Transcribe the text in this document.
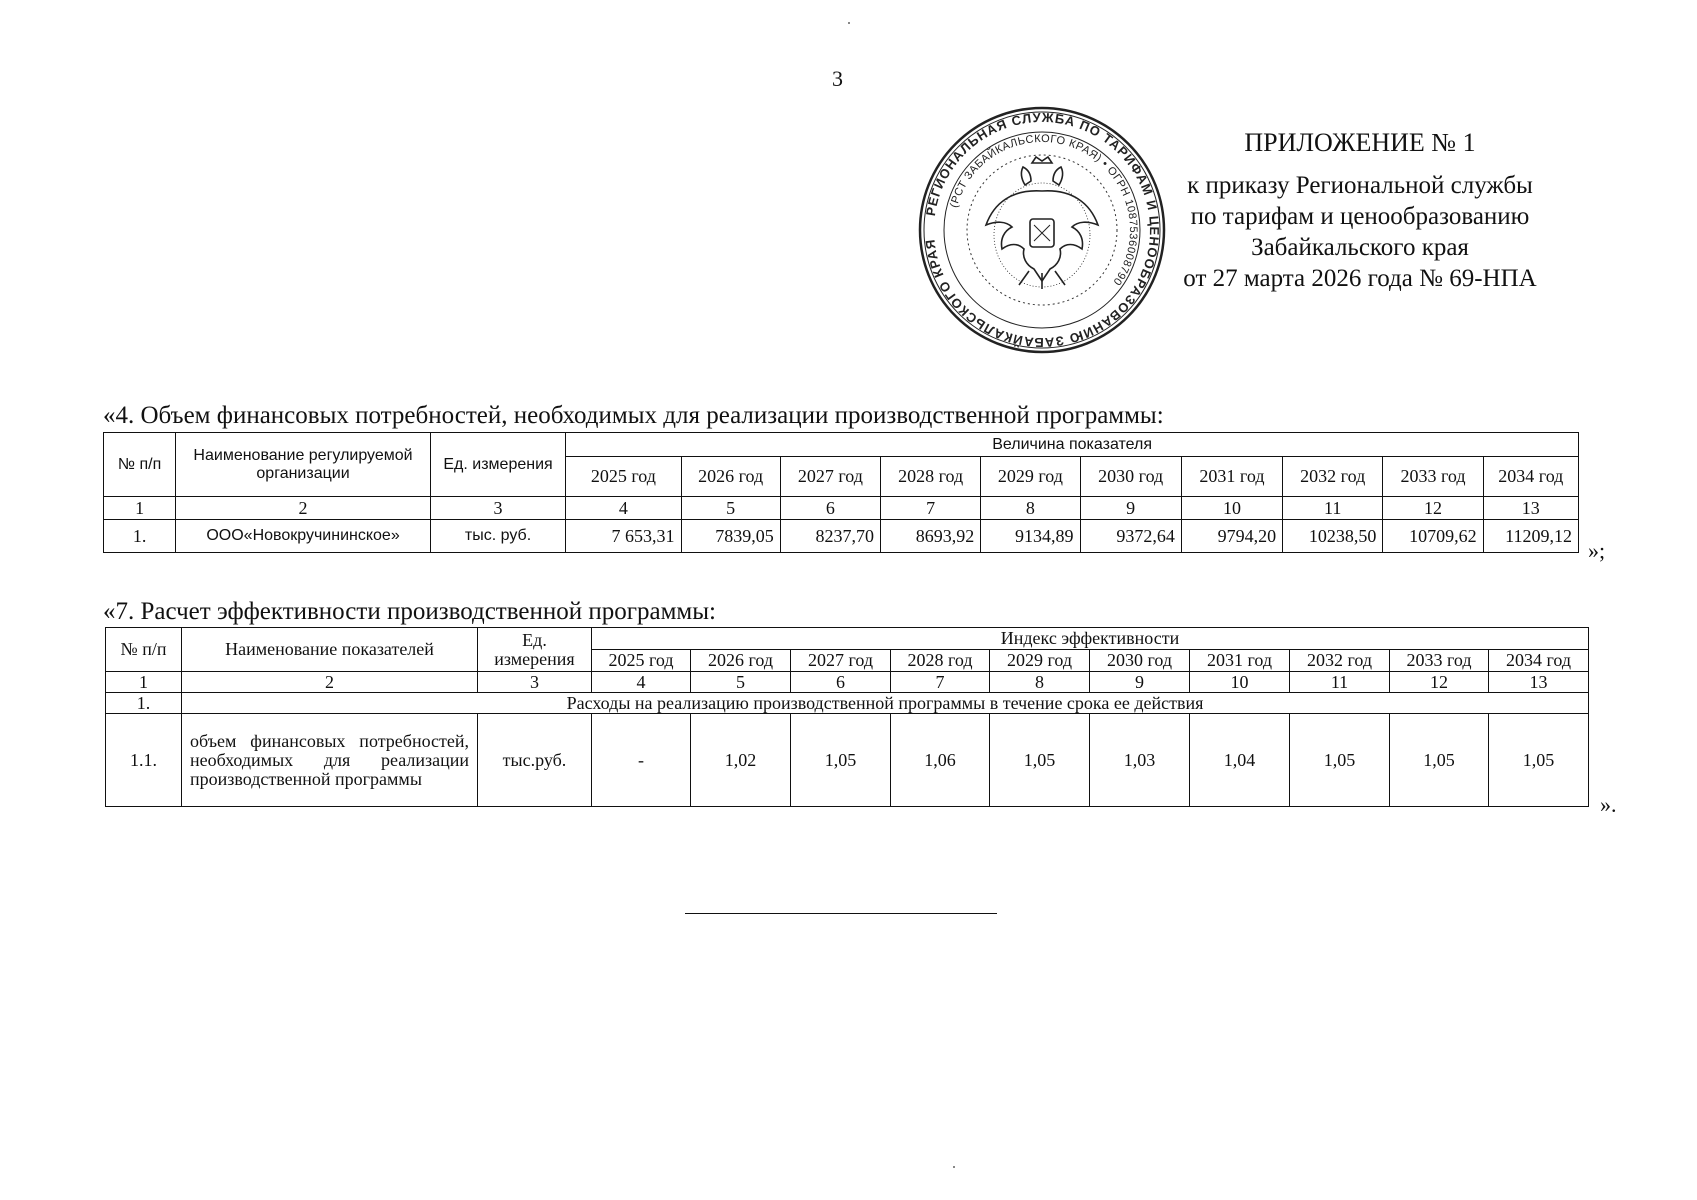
3
РЕГИОНАЛЬНАЯ СЛУЖБА ПО ТАРИФАМ И ЦЕНООБРАЗОВАНИЮ ЗАБАЙКАЛЬСКОГО КРАЯ
(РСТ ЗАБАЙКАЛЬСКОГО КРАЯ) • ОГРН 1087536008790
ПРИЛОЖЕНИЕ № 1
к приказу Региональной службы
по тарифам и ценообразованию
Забайкальского края
от 27 марта 2026 года № 69-НПА
«4. Объем финансовых потребностей, необходимых для реализации производственной программы:
№ п/п	Наименование регулируемой организации	Ед. измерения	Величина показателя									
			2025 год	2026 год	2027 год	2028 год	2029 год	2030 год	2031 год	2032 год	2033 год	2034 год
1	2	3	4	5	6	7	8	9	10	11	12	13
1.	ООО«Новокручининское»	тыс. руб.	7 653,31	7839,05	8237,70	8693,92	9134,89	9372,64	9794,20	10238,50	10709,62	11209,12
»;
«7. Расчет эффективности производственной программы:
№ п/п	Наименование показателей	Ед. измерения	Индекс эффективности									
			2025 год	2026 год	2027 год	2028 год	2029 год	2030 год	2031 год	2032 год	2033 год	2034 год
1	2	3	4	5	6	7	8	9	10	11	12	13
1.	Расходы на реализацию производственной программы в течение срока ее действия											
1.1.	объем финансовых потребностей, необходимых для реализации производственной программы	тыс.руб.	-	1,02	1,05	1,06	1,05	1,03	1,04	1,05	1,05	1,05
».
